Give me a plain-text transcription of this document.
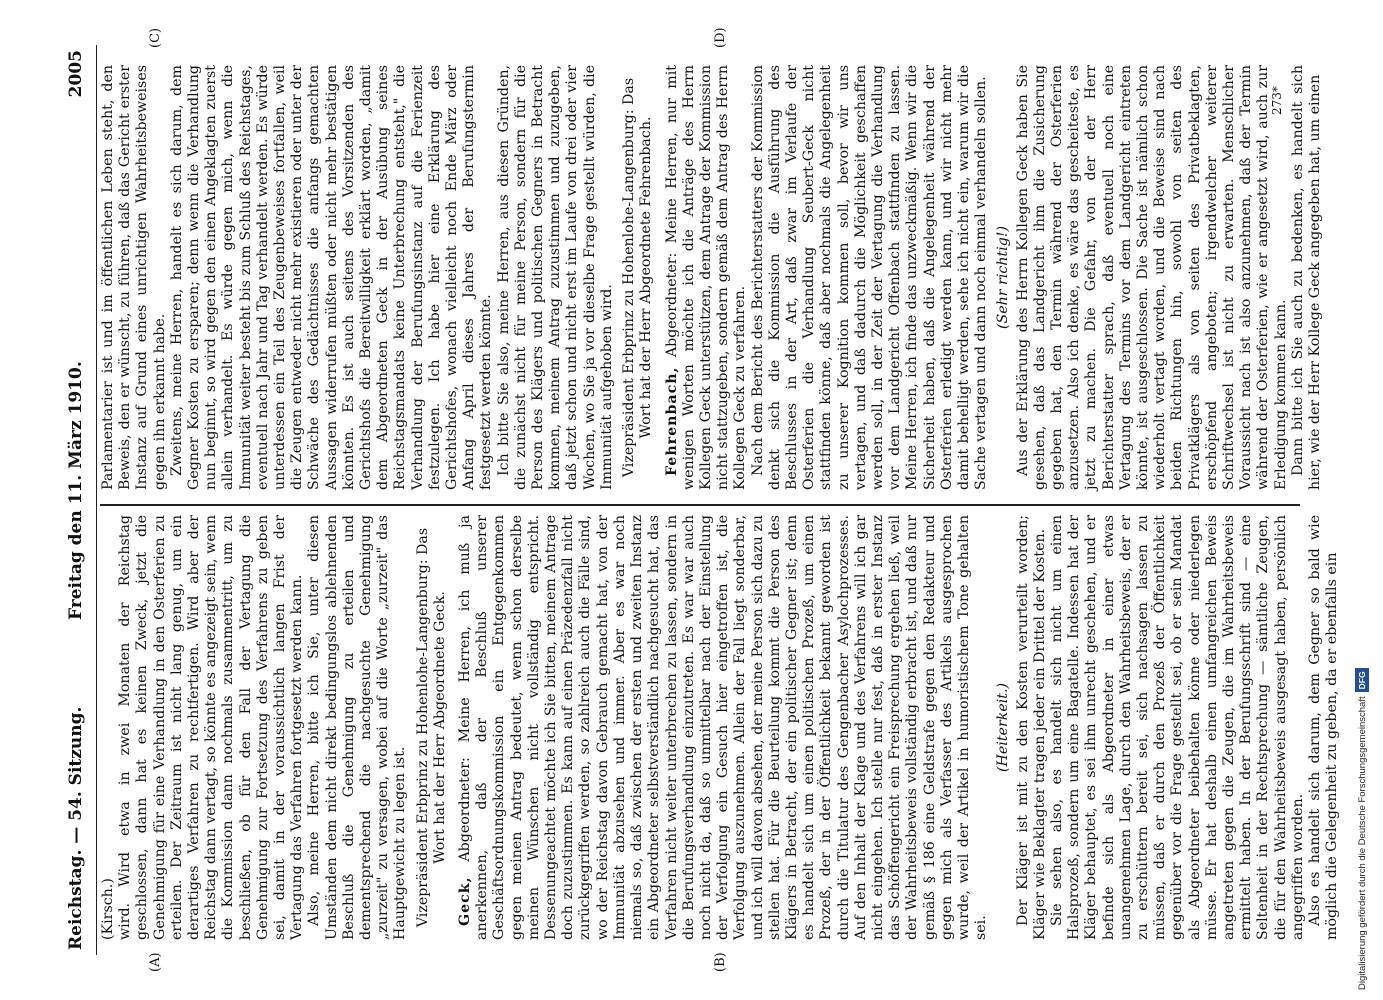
Reichstag. — 54. Sitzung.
Freitag den 11. März 1910.
2005
(A)	(B)
(C)	(D)

(Kirsch.) wird. Wird etwa in zwei Monaten der Reichstag geschlossen, dann hat es keinen Zweck, jetzt die Genehmigung für eine Verhandlung in den Osterferien zu erteilen. Der Zeitraum ist nicht lang genug, um ein derartiges Verfahren zu rechtfertigen. Wird aber der Reichstag dann vertagt, so könnte es angezeigt sein, wenn die Kommission dann nochmals zusammentritt, um zu beschließen, ob für den Fall der Vertagung die Genehmigung zur Fortsetzung des Verfahrens zu geben sei, damit in der voraussichtlich langen Frist der Vertagung das Verfahren fortgesetzt werden kann. Also, meine Herren, bitte ich Sie, unter diesen Umständen dem nicht direkt bedingungslos ablehnenden Beschluß die Genehmigung zu erteilen und dementsprechend die nachgesuchte Genehmigung „zurzeit" zu versagen, wobei auf die Worte „zurzeit" das Hauptgewicht zu legen ist. Vizepräsident Erbprinz zu Hohenlohe-Langenburg: Das Wort hat der Herr Abgeordnete Geck.

Geck, Abgeordneter: Meine Herren, ich muß ja anerkennen, daß der Beschluß unserer Geschäftsordnungskommission ein Entgegenkommen gegen meinen Antrag bedeutet, wenn schon derselbe meinen Wünschen nicht vollständig entspricht. Dessenungeachtet möchte ich Sie bitten, meinem Antrage doch zuzustimmen. Es kann auf einen Präzedenzfall nicht zurückgegriffen werden, so zahlreich auch die Fälle sind, wo der Reichstag davon Gebrauch gemacht hat, von der Immunität abzusehen und immer. Aber es war noch niemals so, daß zwischen der ersten und zweiten Instanz ein Abgeordneter selbstverständlich nachgesucht hat, das Verfahren nicht weiter unterbrechen zu lassen, sondern in die Berufungsverhandlung einzutreten. Es war war auch noch nicht da, daß so unmittelbar nach der Einstellung der Verfolgung ein Gesuch hier eingetroffen ist, die Verfolgung auszunehmen. Allein der Fall liegt sonderbar, und ich will davon absehen, der meine Person sich dazu zu stellen hat. Für die Beurteilung kommt die Person des Klägers in Betracht, der ein politischer Gegner ist; denn es handelt sich um einen politischen Prozeß, um einen Prozeß, der in der Öffentlichkeit bekannt geworden ist durch die Titulatur des Gengenbacher Asylochprozesses. Auf den Inhalt der Klage und des Verfahrens will ich gar nicht eingehen. Ich stelle nur fest, daß in erster Instanz das Schöffengericht ein Freisprechung ergehen ließ, weil der Wahrheitsbeweis vollständig erbracht ist, und daß nur gemäß § 186 eine Geldstrafe gegen den Redakteur und gegen mich als Verfasser des Artikels ausgesprochen wurde, weil der Artikel in humoristischem Tone gehalten sei.

(Heiterkeit.) Der Kläger ist mit zu den Kosten verurteilt worden; Kläger wie Beklagter tragen jeder ein Drittel der Kosten. Sie sehen also, es handelt sich nicht um einen Halsprozeß, sondern um eine Bagatelle. Indessen hat der Kläger behauptet, es sei ihm unrecht geschehen, und er befinde sich als Abgeordneter in einer etwas unangenehmen Lage, durch den Wahrheitsbeweis, der er zu erschüttern bereit sei, sich nachsagen lassen zu müssen, daß er durch den Prozeß der Öffentlichkeit gegenüber vor die Frage gestellt sei, ob er sein Mandat als Abgeordneter beibehalten könne oder niederlegen müsse. Er hat deshalb einen umfangreichen Beweis angetreten gegen die Zeugen, die im Wahrheitsbeweis ermittelt haben. In der Berufungsschrift sind — eine Seltenheit in der Rechtsprechung — sämtliche Zeugen, die für den Wahrheitsbeweis ausgesagt haben, persönlich angegriffen worden. Also es handelt sich darum, dem Gegner so bald wie möglich die Gelegenheit zu geben, da er ebenfalls ein

Parlamentarier ist und im öffentlichen Leben steht, den Beweis, den er wünscht, zu führen, daß das Gericht erster Instanz auf Grund eines unrichtigen Wahrheitsbeweises gegen ihn erkannt habe. Zweitens, meine Herren, handelt es sich darum, dem Gegner Kosten zu ersparen; denn wenn die Verhandlung nun beginnt, so wird gegen den einen Angeklagten zuerst allein verhandelt. Es würde gegen mich, wenn die Immunität weiter besteht bis zum Schluß des Reichstages, eventuell nach Jahr und Tag verhandelt werden. Es würde unterdessen ein Teil des Zeugenbeweises fortfallen, weil die Zeugen entweder nicht mehr existieren oder unter der Schwäche des Gedächtnisses die anfangs gemachten Aussagen widerrufen müßten oder nicht mehr bestätigen könnten. Es ist auch seitens des Vorsitzenden des Gerichtshofs die Bereitwilligkeit erklärt worden, „damit dem Abgeordneten Geck in der Ausübung seines Reichstagsmandats keine Unterbrechung entsteht," die Verhandlung der Berufungsinstanz auf die Ferienzeit festzulegen. Ich habe hier eine Erklärung des Gerichtshofes, wonach vielleicht noch Ende März oder Anfang April dieses Jahres der Berufungstermin festgesetzt werden könnte. Ich bitte Sie also, meine Herren, aus diesen Gründen, die zunächst nicht für meine Person, sondern für die Person des Klägers und politischen Gegners in Betracht kommen, meinem Antrag zuzustimmen und zuzugeben, daß jetzt schon und nicht erst im Laufe von drei oder vier Wochen, wo Sie ja vor dieselbe Frage gestellt würden, die Immunität aufgehoben wird. Vizepräsident Erbprinz zu Hohenlohe-Langenburg: Das Wort hat der Herr Abgeordnete Fehrenbach. Fehrenbach, Abgeordneter: Meine Herren, nur mit wenigen Worten möchte ich die Anträge des Herrn Kollegen Geck unterstützen, dem Antrage der Kommission nicht stattzugeben, sondern gemäß dem Antrag des Herrn Kollegen Geck zu verfahren. Nach dem Bericht des Berichterstatters der Kommission denkt sich die Kommission die Ausführung des Beschlusses in der Art, daß zwar im Verlaufe der Osterferien die Verhandlung Seubert-Geck nicht stattfinden könne, daß aber nochmals die Angelegenheit zu unserer Kognition kommen soll, bevor wir uns vertagen, und daß dadurch die Möglichkeit geschaffen werden soll, in der Zeit der Vertagung die Verhandlung vor dem Landgericht Offenbach stattfinden zu lassen. Meine Herren, ich finde das unzweckmäßig. Wenn wir die Sicherheit haben, daß die Angelegenheit während der Osterferien erledigt werden kann, und wir nicht mehr damit behelligt werden, sehe ich nicht ein, warum wir die Sache vertagen und dann noch einmal verhandeln sollen. (Sehr richtig!) Aus der Erklärung des Herrn Kollegen Geck haben Sie gesehen, daß das Landgericht ihm die Zusicherung gegeben hat, den Termin während der Osterferien anzusetzen. Also ich denke, es wäre das gescheiteste, es jetzt zu machen. Die Gefahr, von der der Herr Berichterstatter sprach, daß eventuell noch eine Vertagung des Termins vor dem Landgericht eintreten könnte, ist ausgeschlossen. Die Sache ist nämlich schon wiederholt vertagt worden, und die Beweise sind nach beiden Richtungen hin, sowohl von seiten des Privatklägers als von seiten des Privatbeklagten, erschöpfend angeboten; irgendwelcher weiterer Schriftwechsel ist nicht zu erwarten. Menschlicher Voraussicht nach ist also anzunehmen, daß der Termin während der Osterferien, wie er angesetzt wird, auch zur Erledigung kommen kann. Dann bitte ich Sie auch zu bedenken, es handelt sich hier, wie der Herr Kollege Geck angegeben hat, um einen

273*
Digitalisierung gefördert durch die Deutsche ForschungsgemeinschaftDFG
